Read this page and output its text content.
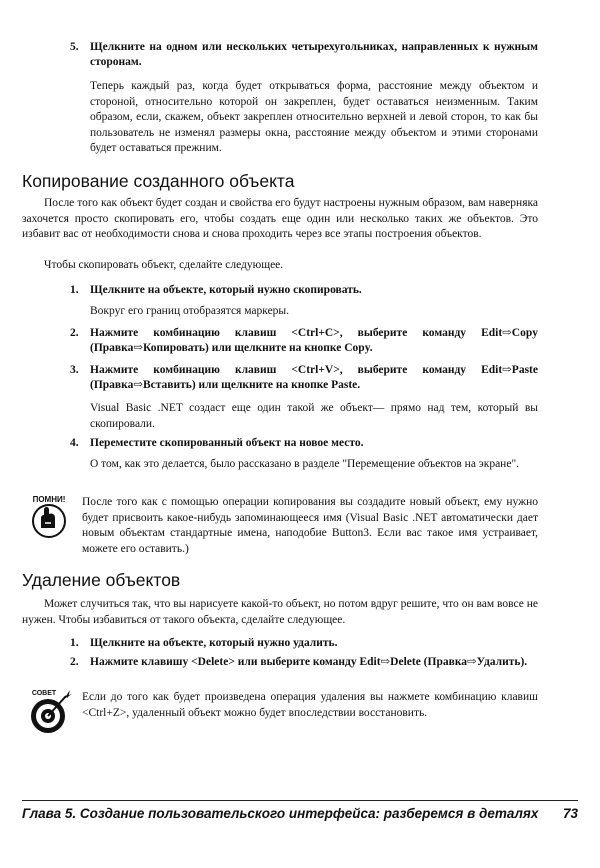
5. Щелкните на одном или нескольких четырехугольниках, направленных к нужным сторонам.
Теперь каждый раз, когда будет открываться форма, расстояние между объектом и стороной, относительно которой он закреплен, будет оставаться неизменным. Таким образом, если, скажем, объект закреплен относительно верхней и левой сторон, то как бы пользователь не изменял размеры окна, расстояние между объектом и этими сторонами будет оставаться прежним.
Копирование созданного объекта
После того как объект будет создан и свойства его будут настроены нужным образом, вам наверняка захочется просто скопировать его, чтобы создать еще один или несколько таких же объектов. Это избавит вас от необходимости снова и снова проходить через все этапы построения объектов.
Чтобы скопировать объект, сделайте следующее.
1. Щелкните на объекте, который нужно скопировать.
Вокруг его границ отобразятся маркеры.
2. Нажмите комбинацию клавиш <Ctrl+C>, выберите команду Edit⇨Copy (Правка⇨Копировать) или щелкните на кнопке Copy.
3. Нажмите комбинацию клавиш <Ctrl+V>, выберите команду Edit⇨Paste (Правка⇨Вставить) или щелкните на кнопке Paste.
Visual Basic .NET создаст еще один такой же объект— прямо над тем, который вы скопировали.
4. Переместите скопированный объект на новое место.
О том, как это делается, было рассказано в разделе "Перемещение объектов на экране".
ПОМНИ! После того как с помощью операции копирования вы создадите новый объект, ему нужно будет присвоить какое-нибудь запоминающееся имя (Visual Basic .NET автоматически дает новым объектам стандартные имена, наподобие Button3. Если вас такое имя устраивает, можете его оставить.)
Удаление объектов
Может случиться так, что вы нарисуете какой-то объект, но потом вдруг решите, что он вам вовсе не нужен. Чтобы избавиться от такого объекта, сделайте следующее.
1. Щелкните на объекте, который нужно удалить.
2. Нажмите клавишу <Delete> или выберите команду Edit⇨Delete (Правка⇨Удалить).
СОВЕТ Если до того как будет произведена операция удаления вы нажмете комбинацию клавиш <Ctrl+Z>, удаленный объект можно будет впоследствии восстановить.
Глава 5. Создание пользовательского интерфейса: разберемся в деталях 73
